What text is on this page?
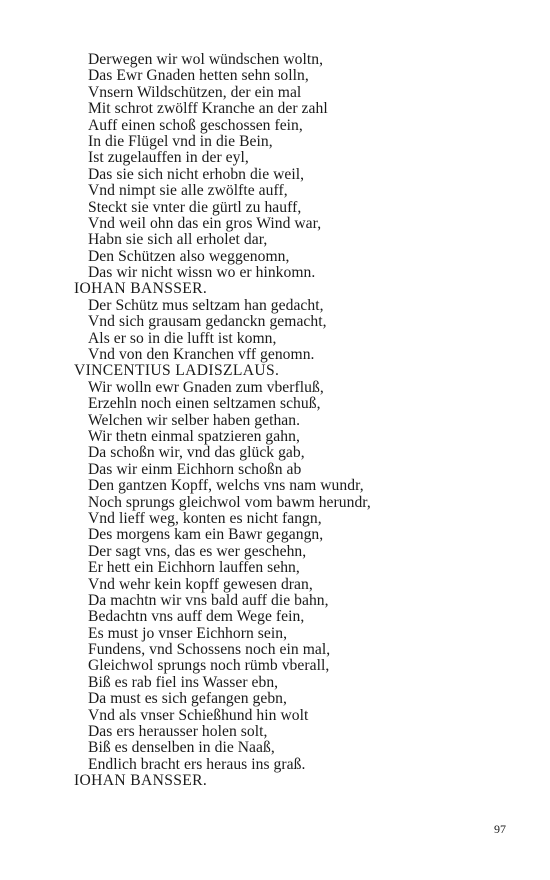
Derwegen wir wol wündschen woltn,
Das Ewr Gnaden hetten sehn solln,
Vnsern Wildschützen, der ein mal
Mit schrot zwölff Kranche an der zahl
Auff einen schoß geschossen fein,
In die Flügel vnd in die Bein,
Ist zugelauffen in der eyl,
Das sie sich nicht erhobn die weil,
Vnd nimpt sie alle zwölfte auff,
Steckt sie vnter die gürtl zu hauff,
Vnd weil ohn das ein gros Wind war,
Habn sie sich all erholet dar,
Den Schützen also weggenomn,
Das wir nicht wissn wo er hinkomn.
IOHAN BANSSER.
Der Schütz mus seltzam han gedacht,
Vnd sich grausam gedanckn gemacht,
Als er so in die lufft ist komn,
Vnd von den Kranchen vff genomn.
VINCENTIUS LADISZLAUS.
Wir wolln ewr Gnaden zum vberfluß,
Erzehln noch einen seltzamen schuß,
Welchen wir selber haben gethan.
Wir thetn einmal spatzieren gahn,
Da schoßn wir, vnd das glück gab,
Das wir einm Eichhorn schoßn ab
Den gantzen Kopff, welchs vns nam wundr,
Noch sprungs gleichwol vom bawm herundr,
Vnd lieff weg, konten es nicht fangn,
Des morgens kam ein Bawr gegangn,
Der sagt vns, das es wer geschehn,
Er hett ein Eichhorn lauffen sehn,
Vnd wehr kein kopff gewesen dran,
Da machtn wir vns bald auff die bahn,
Bedachtn vns auff dem Wege fein,
Es must jo vnser Eichhorn sein,
Fundens, vnd Schossens noch ein mal,
Gleichwol sprungs noch rümb vberall,
Biß es rab fiel ins Wasser ebn,
Da must es sich gefangen gebn,
Vnd als vnser Schießhund hin wolt
Das ers herausser holen solt,
Biß es denselben in die Naaß,
Endlich bracht ers heraus ins graß.
IOHAN BANSSER.
97
